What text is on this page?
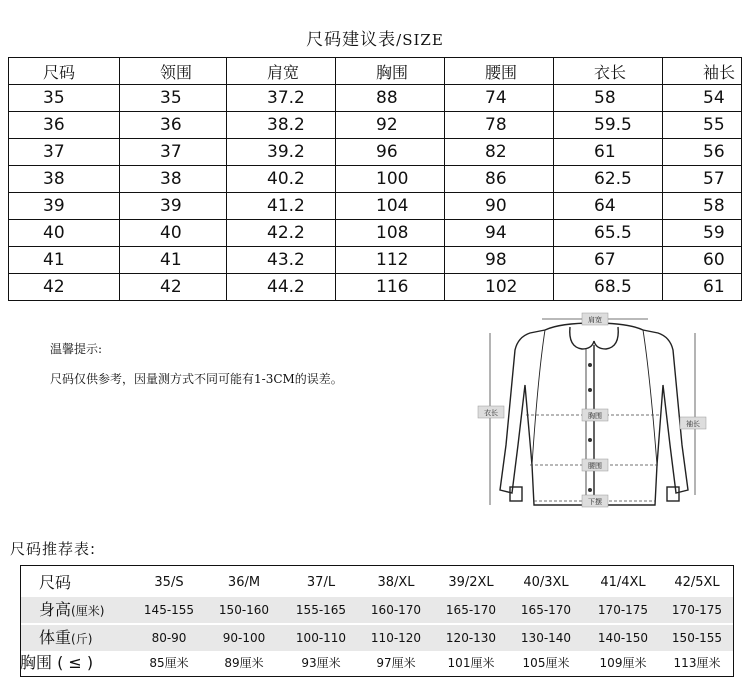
尺码建议表/SIZE
尺码	领围	肩宽	胸围	腰围	衣长	袖长
35	35	37.2	88	74	58	54
36	36	38.2	92	78	59.5	55
37	37	39.2	96	82	61	56
38	38	40.2	100	86	62.5	57
39	39	41.2	104	90	64	58
40	40	42.2	108	94	65.5	59
41	41	43.2	112	98	67	60
42	42	44.2	116	102	68.5	61
温馨提示:
尺码仅供参考，因量测方式不同可能有1-3CM的误差。
肩宽
衣长	胸围
袖长
腰围
下摆
尺码推荐表:
尺码	35/S	36/M	37/L	38/XL	39/2XL	40/3XL	41/4XL	42/5XL
身高(厘米)	145-155	150-160	155-165	160-170	165-170	165-170	170-175	170-175
体重(斤)	80-90	90-100	100-110	110-120	120-130	130-140	140-150	150-155
胸围 ( ≤ )	85厘米	89厘米	93厘米	97厘米	101厘米	105厘米	109厘米	113厘米
